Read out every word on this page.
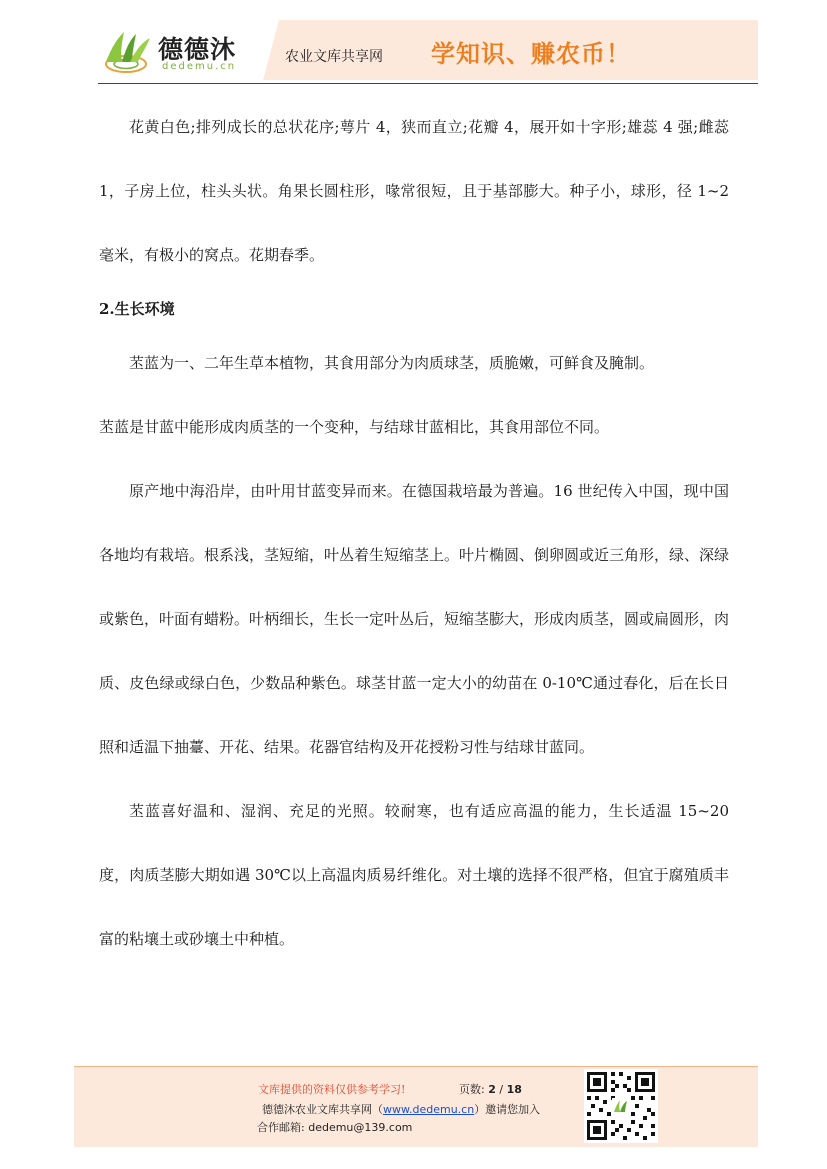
德德沐
dedemu.cn
农业文库共享网 学知识、赚农币！

花黄白色;排列成长的总状花序;萼片 4，狭而直立;花瓣 4，展开如十字形;雄蕊 4 强;雌蕊 1，子房上位，柱头头状。角果长圆柱形，喙常很短，且于基部膨大。种子小，球形，径 1~2 毫米，有极小的窝点。花期春季。

2.生长环境

苤蓝为一、二年生草本植物，其食用部分为肉质球茎，质脆嫩，可鲜食及腌制。

苤蓝是甘蓝中能形成肉质茎的一个变种，与结球甘蓝相比，其食用部位不同。

原产地中海沿岸，由叶用甘蓝变异而来。在德国栽培最为普遍。16 世纪传入中国，现中国各地均有栽培。根系浅，茎短缩，叶丛着生短缩茎上。叶片椭圆、倒卵圆或近三角形，绿、深绿或紫色，叶面有蜡粉。叶柄细长，生长一定叶丛后，短缩茎膨大，形成肉质茎，圆或扁圆形，肉质、皮色绿或绿白色，少数品种紫色。球茎甘蓝一定大小的幼苗在 0-10℃通过春化，后在长日照和适温下抽薹、开花、结果。花器官结构及开花授粉习性与结球甘蓝同。

苤蓝喜好温和、湿润、充足的光照。较耐寒，也有适应高温的能力，生长适温 15~20 度，肉质茎膨大期如遇 30℃以上高温肉质易纤维化。对土壤的选择不很严格，但宜于腐殖质丰富的粘壤土或砂壤土中种植。

文库提供的资料仅供参考学习!	页数: 2 / 18
德德沐农业文库共享网（www.dedemu.cn）邀请您加入
合作邮箱: dedemu@139.com
